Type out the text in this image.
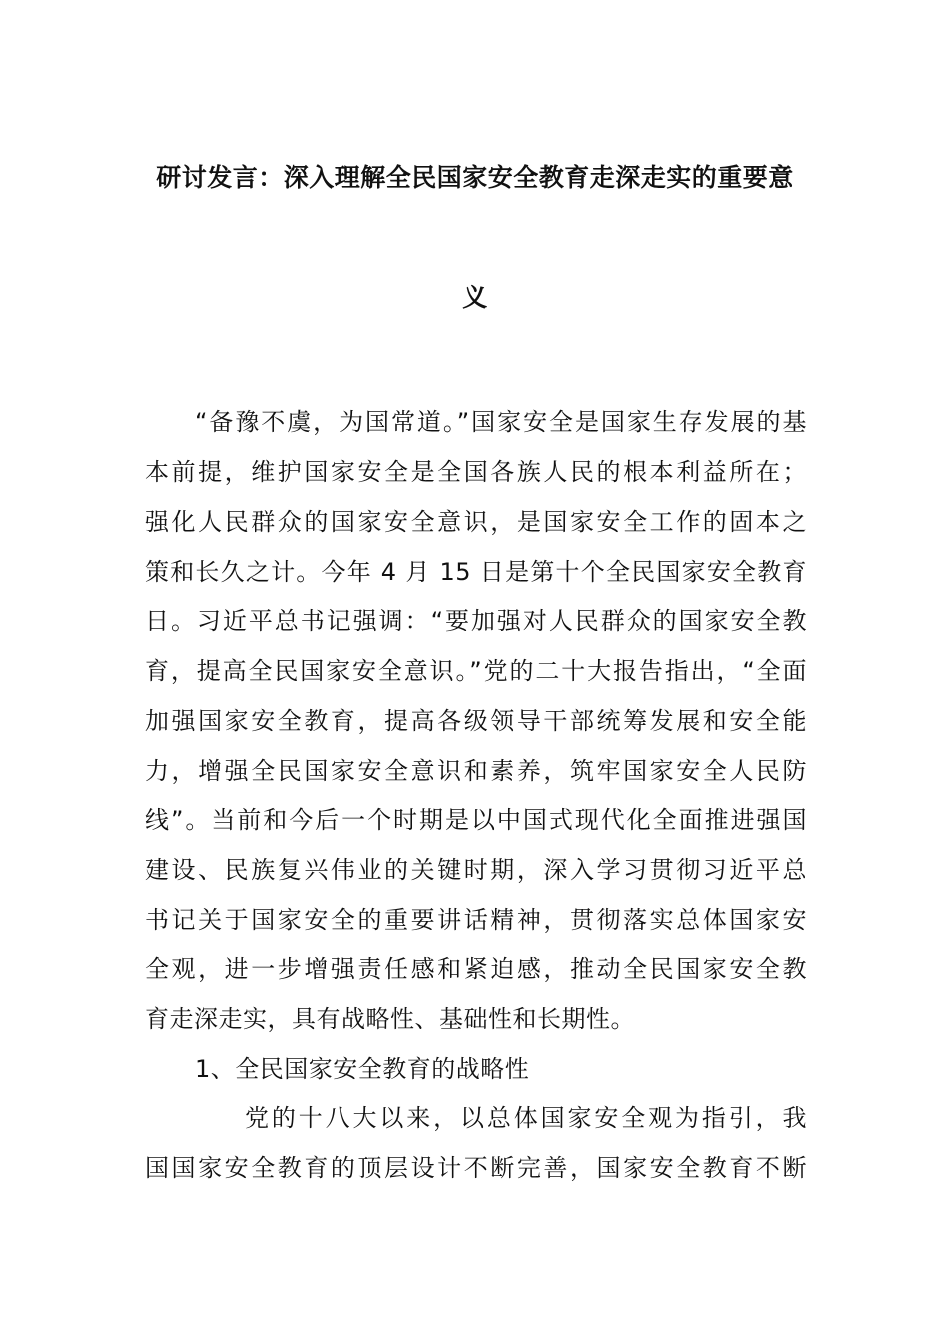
研讨发言：深入理解全民国家安全教育走深走实的重要意
义
“备豫不虞，为国常道。”国家安全是国家生存发展的基
本前提，维护国家安全是全国各族人民的根本利益所在；
强化人民群众的国家安全意识，是国家安全工作的固本之
策和长久之计。今年 4 月 15 日是第十个全民国家安全教育
日。习近平总书记强调：“要加强对人民群众的国家安全教
育，提高全民国家安全意识。”党的二十大报告指出，“全面
加强国家安全教育，提高各级领导干部统筹发展和安全能
力，增强全民国家安全意识和素养，筑牢国家安全人民防
线”。当前和今后一个时期是以中国式现代化全面推进强国
建设、民族复兴伟业的关键时期，深入学习贯彻习近平总
书记关于国家安全的重要讲话精神，贯彻落实总体国家安
全观，进一步增强责任感和紧迫感，推动全民国家安全教
育走深走实，具有战略性、基础性和长期性。
1、全民国家安全教育的战略性
党的十八大以来，以总体国家安全观为指引，我
国国家安全教育的顶层设计不断完善，国家安全教育不断
